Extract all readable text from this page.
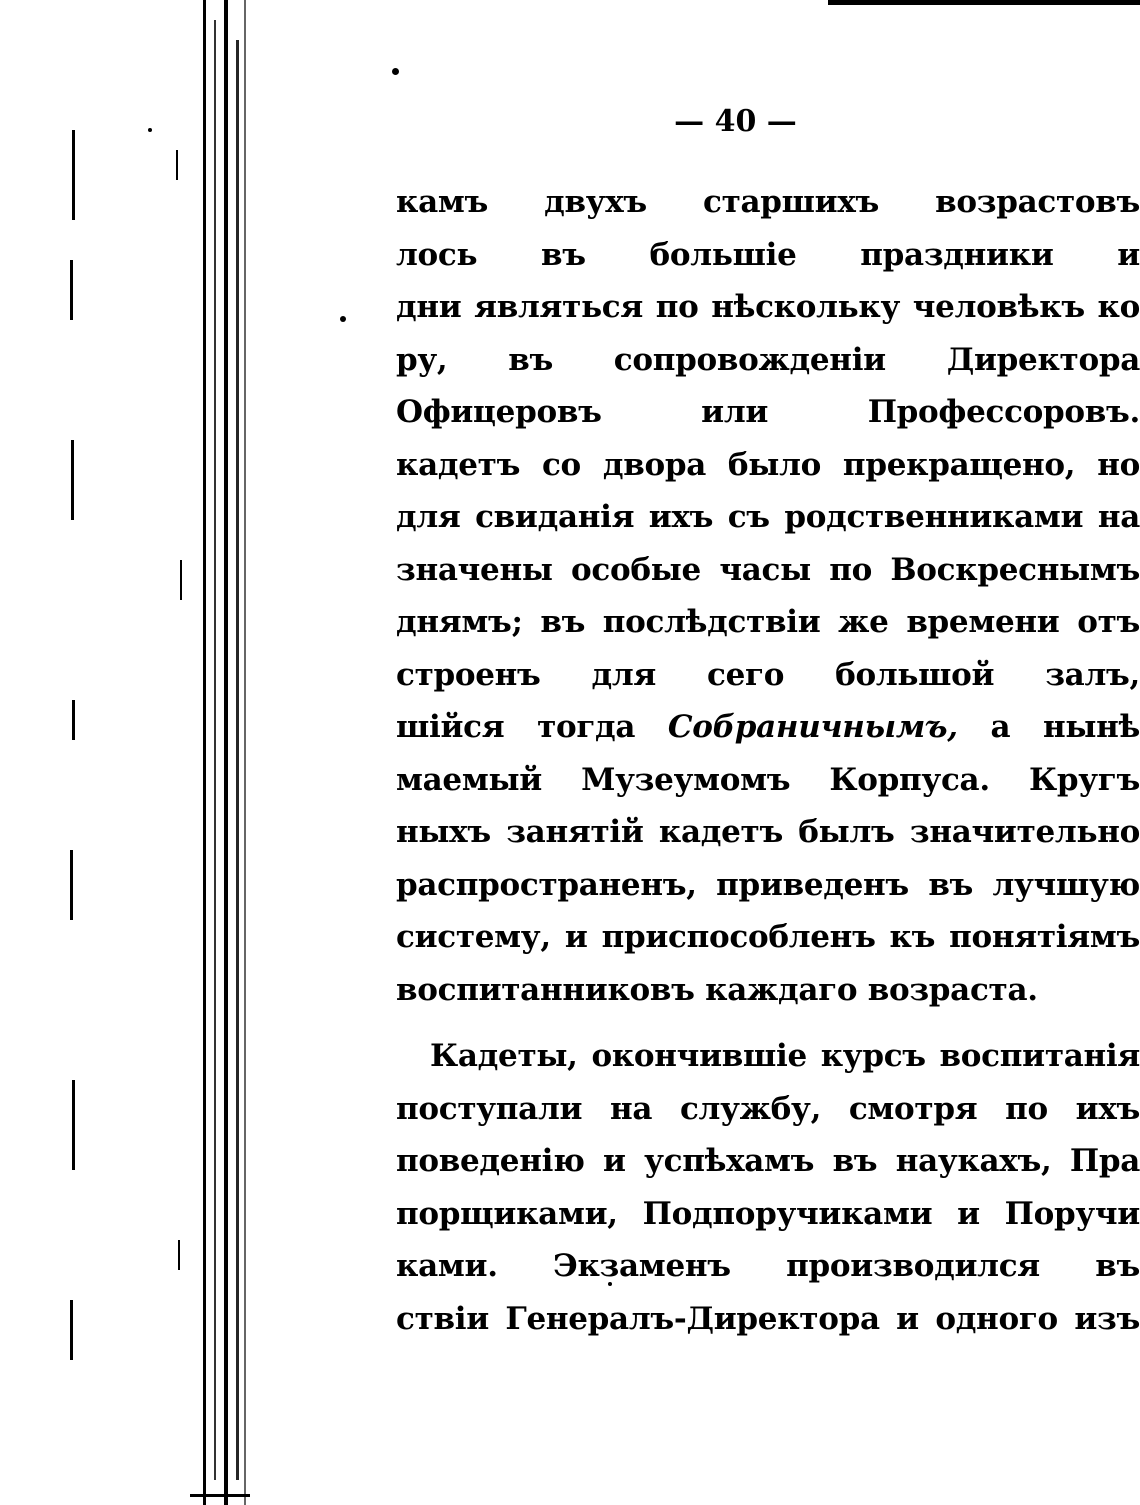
— 40 —
камъ двухъ старшихъ возрастовъ
лось въ большіе праздники и
дни являться по нѣскольку человѣкъ ко
ру, въ сопровожденіи Директора
Офицеровъ или Профессоровъ.
кадетъ со двора было прекращено, но
для свиданія ихъ съ родственниками на
значены особые часы по Воскреснымъ
днямъ; въ послѣдствіи же времени отъ
строенъ для сего большой залъ,
шійся тогда Собраничнымъ, а нынѣ
маемый Музеумомъ Корпуса. Кругъ
ныхъ занятій кадетъ былъ значительно
распространенъ, приведенъ въ лучшую
систему, и приспособленъ къ понятіямъ
воспитанниковъ каждаго возраста.
Кадеты, окончившіе курсъ воспитанія
поступали на службу, смотря по ихъ
поведенію и успѣхамъ въ наукахъ, Пра
порщиками, Подпоручиками и Поручи
ками. Экзаменъ производился въ
ствіи Генералъ-Директора и одного изъ
